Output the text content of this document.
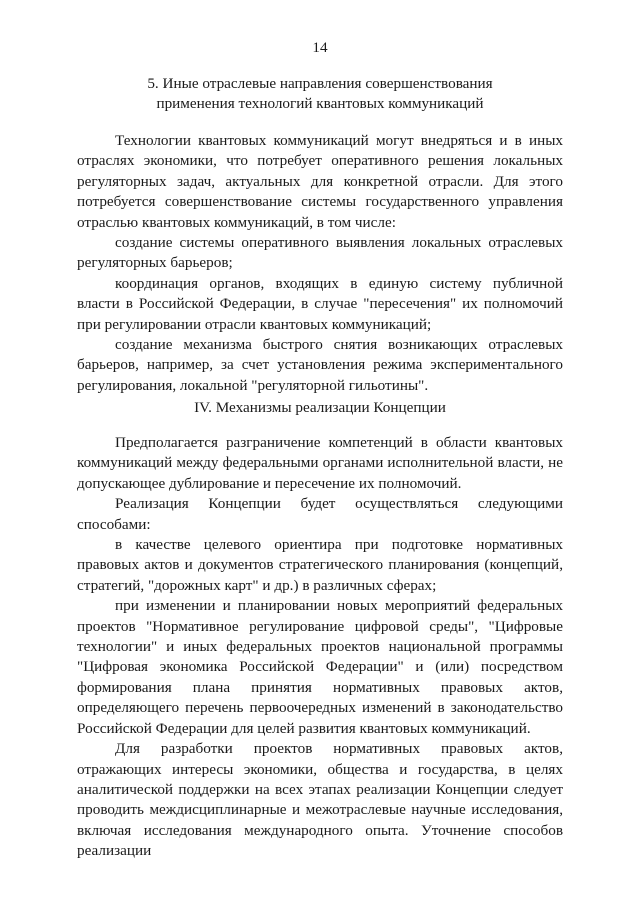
14
5. Иные отраслевые направления совершенствования
применения технологий квантовых коммуникаций

Технологии квантовых коммуникаций могут внедряться и в иных отраслях экономики, что потребует оперативного решения локальных регуляторных задач, актуальных для конкретной отрасли. Для этого потребуется совершенствование системы государственного управления отраслью квантовых коммуникаций, в том числе:

создание системы оперативного выявления локальных отраслевых регуляторных барьеров;

координация органов, входящих в единую систему публичной власти в Российской Федерации, в случае "пересечения" их полномочий при регулировании отрасли квантовых коммуникаций;

создание механизма быстрого снятия возникающих отраслевых барьеров, например, за счет установления режима экспериментального регулирования, локальной "регуляторной гильотины".

IV. Механизмы реализации Концепции

Предполагается разграничение компетенций в области квантовых коммуникаций между федеральными органами исполнительной власти, не допускающее дублирование и пересечение их полномочий.

Реализация Концепции будет осуществляться следующими способами:

в качестве целевого ориентира при подготовке нормативных правовых актов и документов стратегического планирования (концепций, стратегий, "дорожных карт" и др.) в различных сферах;

при изменении и планировании новых мероприятий федеральных проектов "Нормативное регулирование цифровой среды", "Цифровые технологии" и иных федеральных проектов национальной программы "Цифровая экономика Российской Федерации" и (или) посредством формирования плана принятия нормативных правовых актов, определяющего перечень первоочередных изменений в законодательство Российской Федерации для целей развития квантовых коммуникаций.

Для разработки проектов нормативных правовых актов, отражающих интересы экономики, общества и государства, в целях аналитической поддержки на всех этапах реализации Концепции следует проводить междисциплинарные и межотраслевые научные исследования, включая исследования международного опыта. Уточнение способов реализации
